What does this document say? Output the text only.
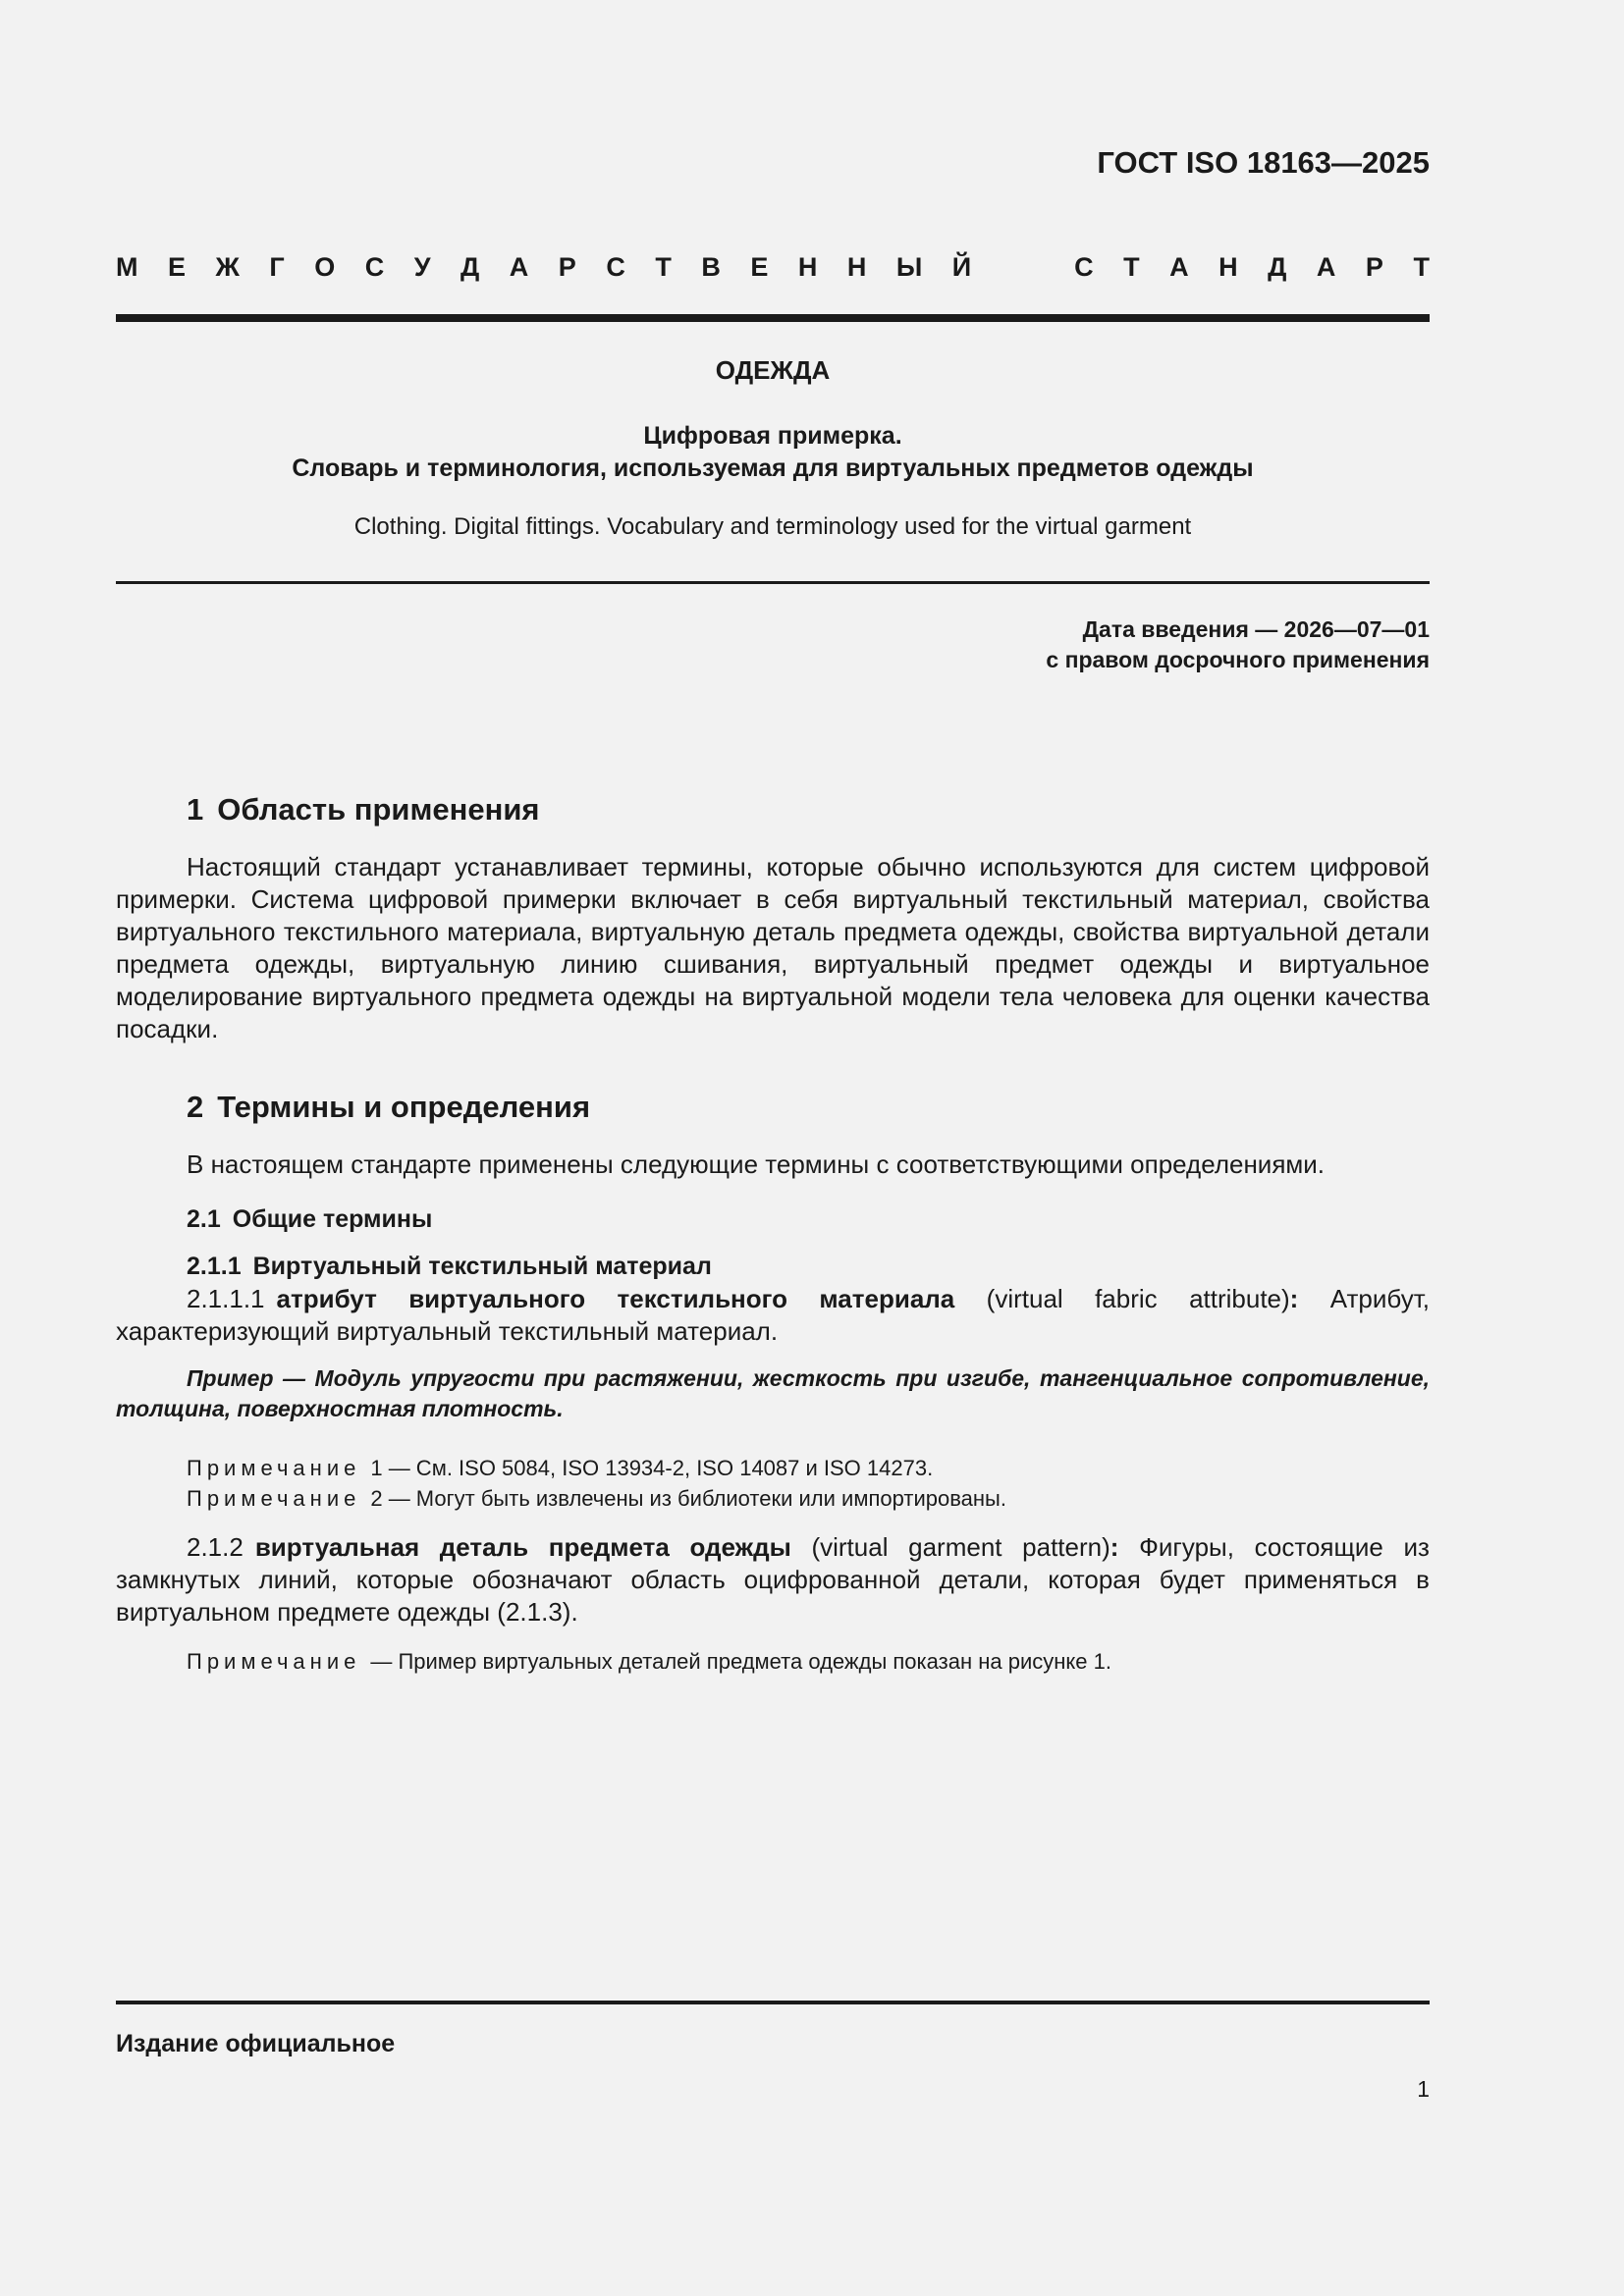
ГОСТ ISO 18163—2025
М Е Ж Г О С У Д А Р С Т В Е Н Н Ы Й	С Т А Н Д А Р Т
ОДЕЖДА
Цифровая примерка.
Словарь и терминология, используемая для виртуальных предметов одежды
Clothing. Digital fittings. Vocabulary and terminology used for the virtual garment
Дата введения — 2026—07—01
с правом досрочного применения
1 Область применения

Настоящий стандарт устанавливает термины, которые обычно используются для систем цифровой примерки. Система цифровой примерки включает в себя виртуальный текстильный материал, свойства виртуального текстильного материала, виртуальную деталь предмета одежды, свойства виртуальной детали предмета одежды, виртуальную линию сшивания, виртуальный предмет одежды и виртуальное моделирование виртуального предмета одежды на виртуальной модели тела человека для оценки качества посадки.

2 Термины и определения

В настоящем стандарте применены следующие термины с соответствующими определениями.

2.1 Общие термины
2.1.1 Виртуальный текстильный материал

2.1.1.1 атрибут виртуального текстильного материала (virtual fabric attribute): Атрибут, характеризующий виртуальный текстильный материал.

Пример — Модуль упругости при растяжении, жесткость при изгибе, тангенциальное сопротивление, толщина, поверхностная плотность.

Примечание 1 — См. ISO 5084, ISO 13934-2, ISO 14087 и ISO 14273.
Примечание 2 — Могут быть извлечены из библиотеки или импортированы.

2.1.2 виртуальная деталь предмета одежды (virtual garment pattern): Фигуры, состоящие из замкнутых линий, которые обозначают область оцифрованной детали, которая будет применяться в виртуальном предмете одежды (2.1.3).

Примечание — Пример виртуальных деталей предмета одежды показан на рисунке 1.
Издание официальное
1
